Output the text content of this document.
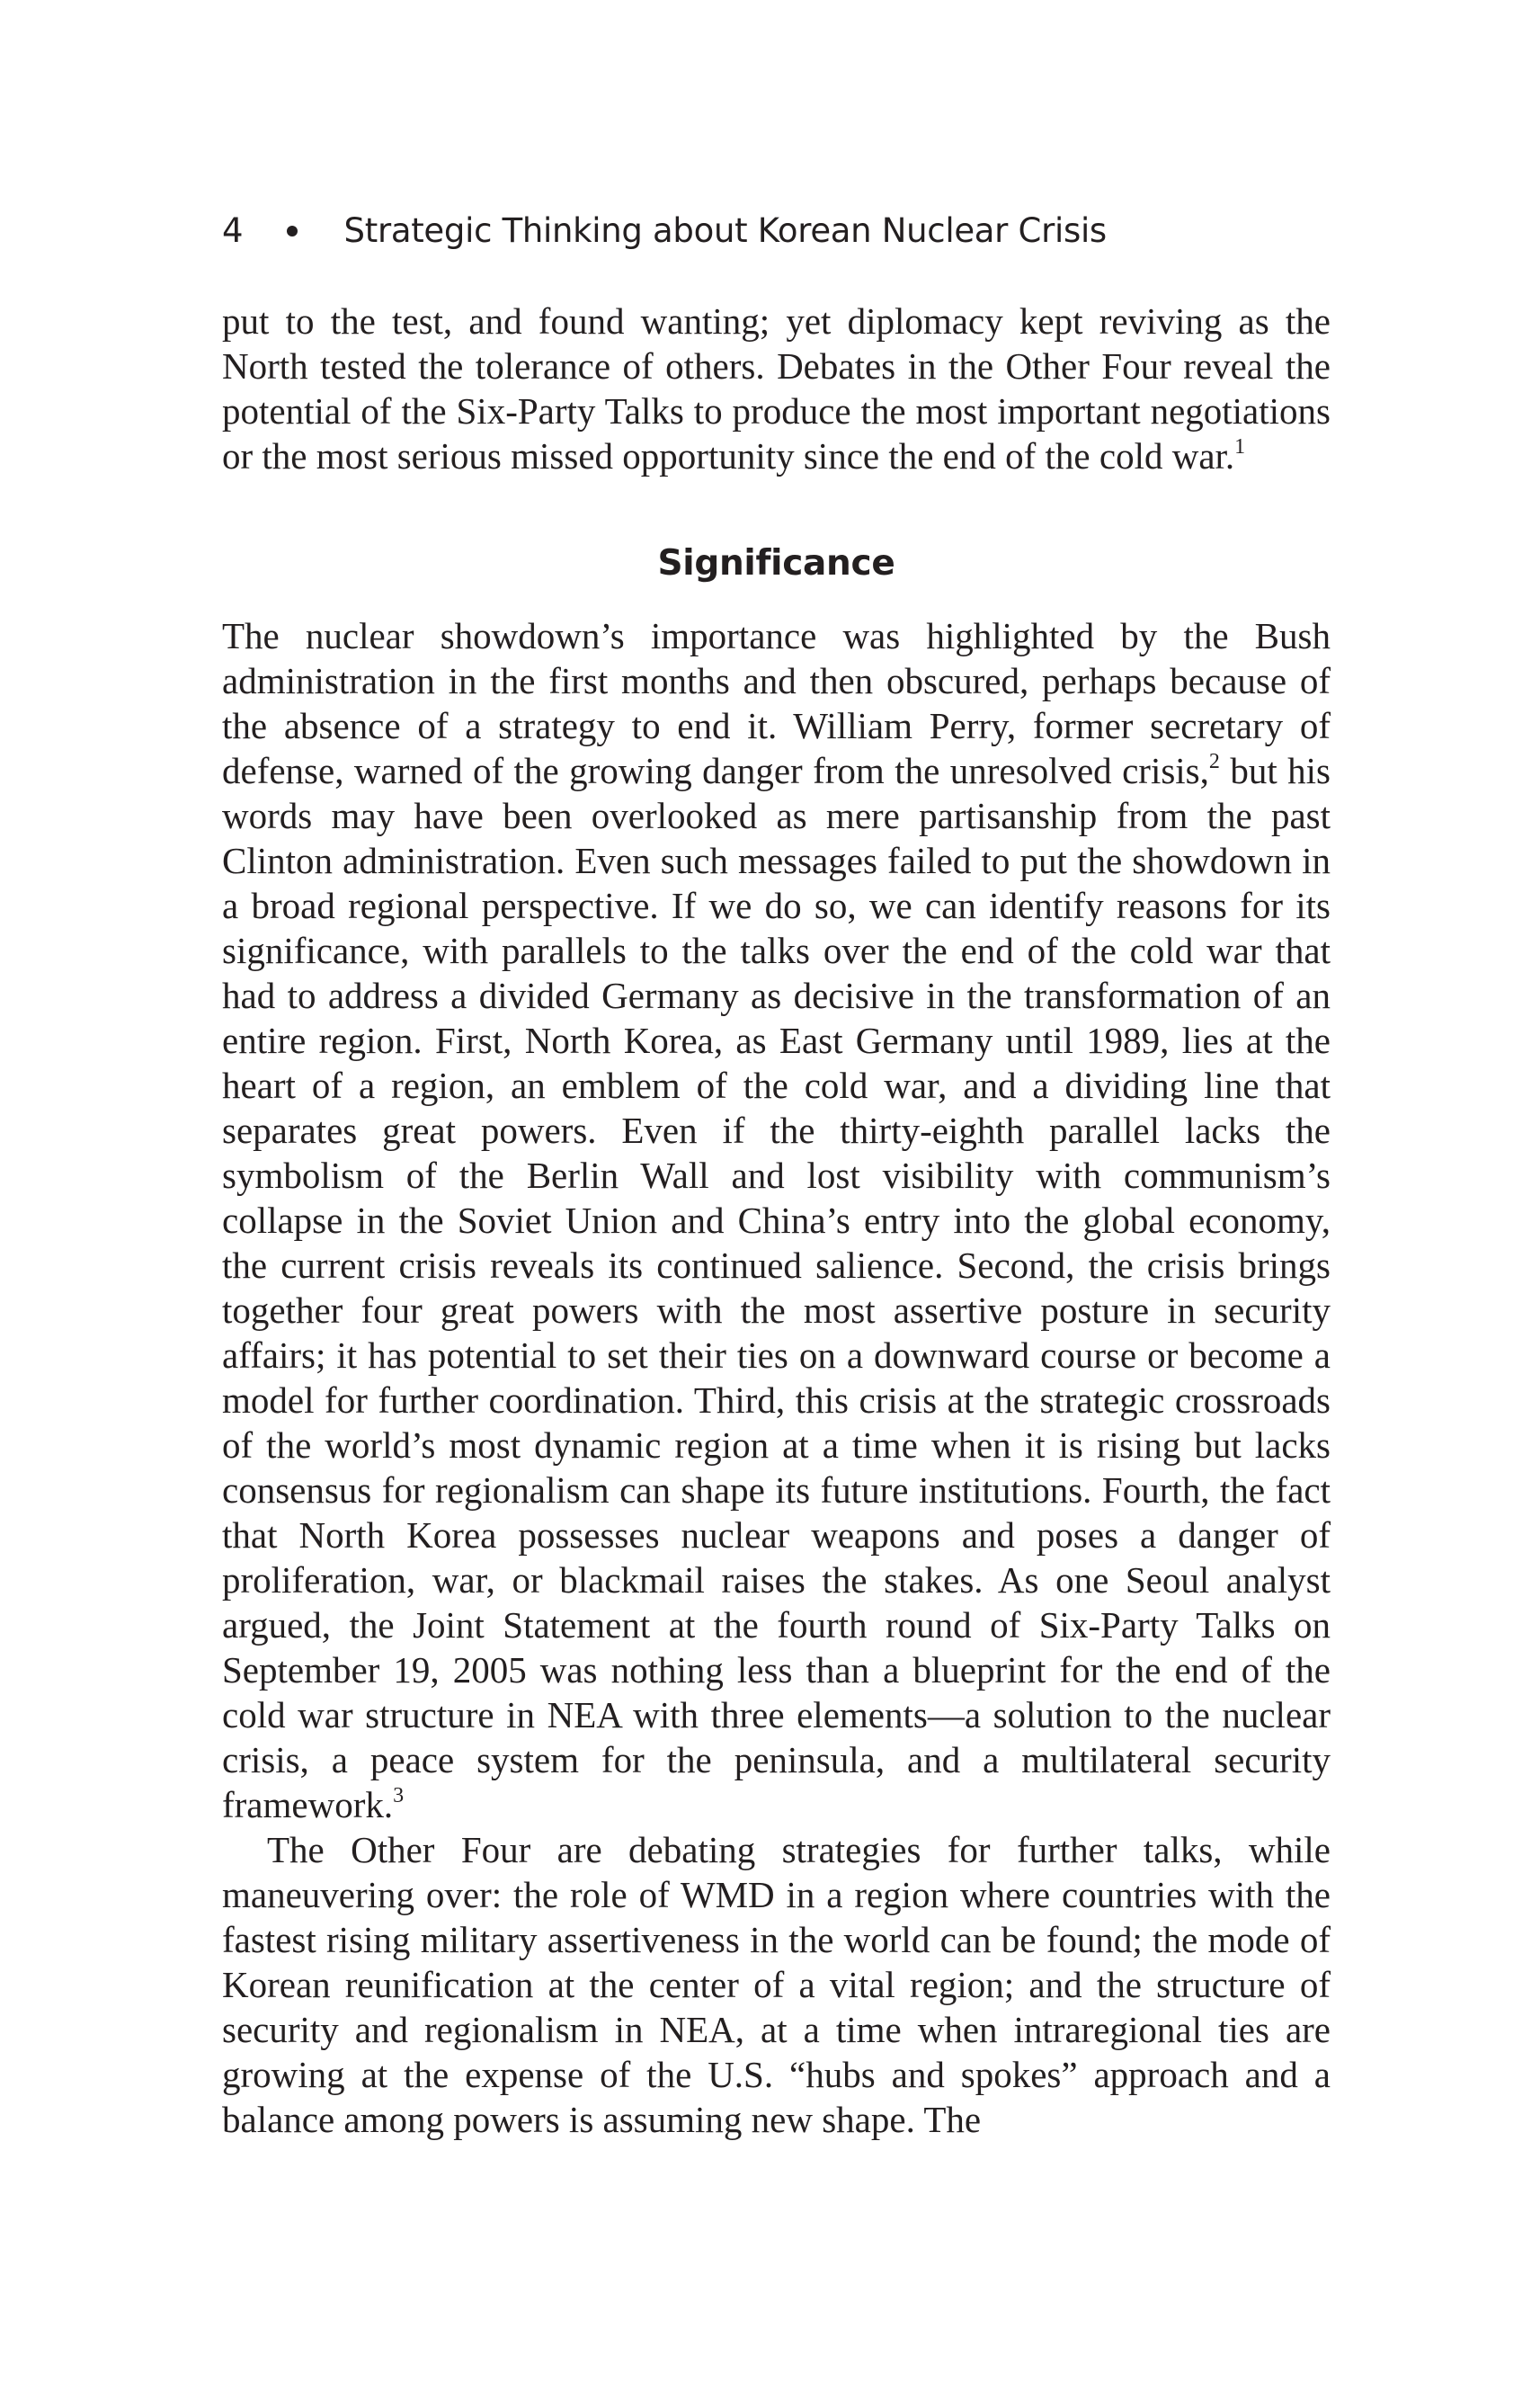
4	Strategic Thinking about Korean Nuclear Crisis

put to the test, and found wanting; yet diplomacy kept reviving as the North tested the tolerance of others. Debates in the Other Four reveal the potential of the Six-Party Talks to produce the most important negotiations or the most serious missed opportunity since the end of the cold war.$^1$

Significance

The nuclear showdown’s importance was highlighted by the Bush administration in the first months and then obscured, perhaps because of the absence of a strategy to end it. William Perry, former secretary of defense, warned of the growing danger from the unresolved crisis,$^2$ but his words may have been overlooked as mere partisanship from the past Clinton administration. Even such messages failed to put the showdown in a broad regional perspective. If we do so, we can identify reasons for its significance, with parallels to the talks over the end of the cold war that had to address a divided Germany as decisive in the transformation of an entire region. First, North Korea, as East Germany until 1989, lies at the heart of a region, an emblem of the cold war, and a dividing line that separates great powers. Even if the thirty-eighth parallel lacks the symbolism of the Berlin Wall and lost visibility with communism’s collapse in the Soviet Union and China’s entry into the global economy, the current crisis reveals its continued salience. Second, the crisis brings together four great powers with the most assertive posture in security affairs; it has potential to set their ties on a downward course or become a model for further coordination. Third, this crisis at the strategic crossroads of the world’s most dynamic region at a time when it is rising but lacks consensus for regionalism can shape its future institutions. Fourth, the fact that North Korea possesses nuclear weapons and poses a danger of proliferation, war, or blackmail raises the stakes. As one Seoul analyst argued, the Joint Statement at the fourth round of Six-Party Talks on September 19, 2005 was nothing less than a blueprint for the end of the cold war structure in NEA with three elements—a solution to the nuclear crisis, a peace system for the peninsula, and a multilateral security framework.$^3$

The Other Four are debating strategies for further talks, while maneuvering over: the role of WMD in a region where countries with the fastest rising military assertiveness in the world can be found; the mode of Korean reunification at the center of a vital region; and the structure of security and regionalism in NEA, at a time when intraregional ties are growing at the expense of the U.S. “hubs and spokes” approach and a balance among powers is assuming new shape. The
